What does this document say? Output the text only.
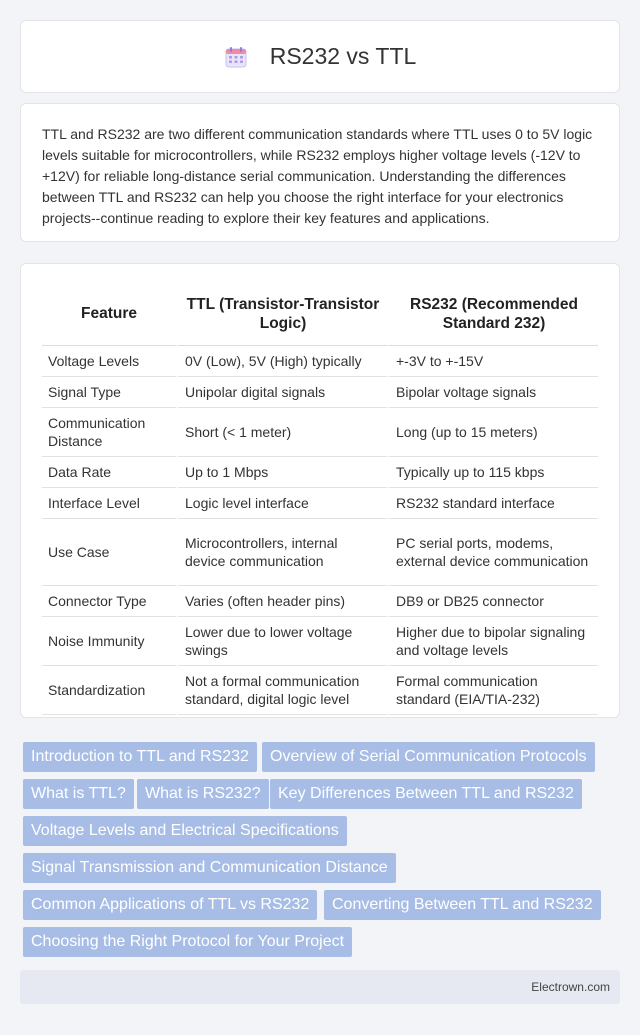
RS232 vs TTL

TTL and RS232 are two different communication standards where TTL uses 0 to 5V logic levels suitable for microcontrollers, while RS232 employs higher voltage levels (-12V to +12V) for reliable long-distance serial communication. Understanding the differences between TTL and RS232 can help you choose the right interface for your electronics projects--continue reading to explore their key features and applications.

Feature	TTL (Transistor-Transistor Logic)	RS232 (Recommended Standard 232)
Voltage Levels	0V (Low), 5V (High) typically	+-3V to +-15V
Signal Type	Unipolar digital signals	Bipolar voltage signals
Communication Distance	Short (< 1 meter)	Long (up to 15 meters)
Data Rate	Up to 1 Mbps	Typically up to 115 kbps
Interface Level	Logic level interface	RS232 standard interface
Use Case	Microcontrollers, internal device communication	PC serial ports, modems, external device communication
Connector Type	Varies (often header pins)	DB9 or DB25 connector
Noise Immunity	Lower due to lower voltage swings	Higher due to bipolar signaling and voltage levels
Standardization	Not a formal communication standard, digital logic level	Formal communication standard (EIA/TIA-232)
Introduction to TTL and RS232	Overview of Serial Communication Protocols
What is TTL?	What is RS232?	Key Differences Between TTL and RS232
Voltage Levels and Electrical Specifications
Signal Transmission and Communication Distance
Common Applications of TTL vs RS232	Converting Between TTL and RS232
Choosing the Right Protocol for Your Project
Electrown.com
